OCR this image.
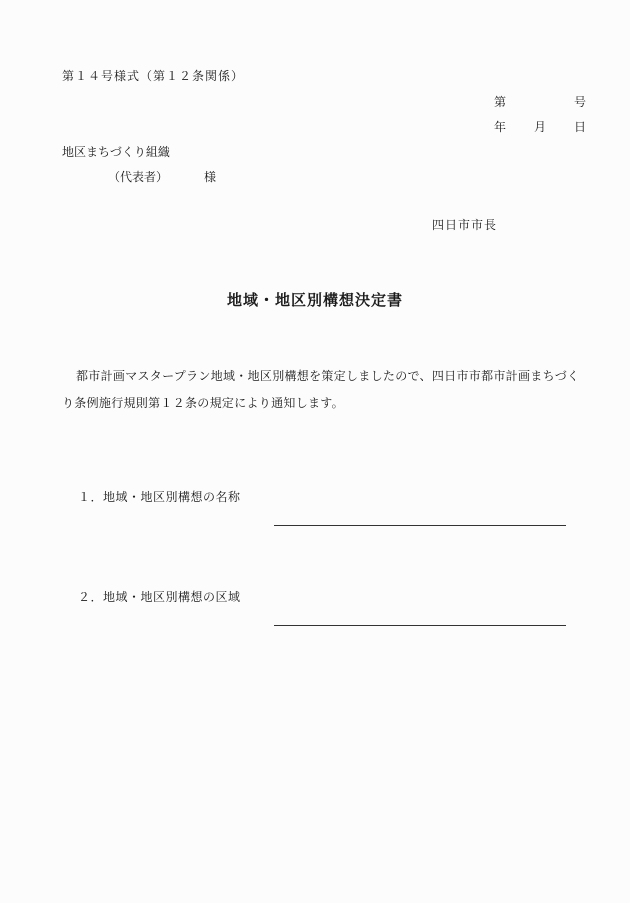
第１４号様式（第１２条関係）
第	号
年 月 日
地区まちづくり組織
（代表者）	様
四日市市長
地域・地区別構想決定書
都市計画マスタープラン地域・地区別構想を策定しましたので、四日市市都市計画まちづくり条例施行規則第１２条の規定により通知します。
１．地域・地区別構想の名称
２．地域・地区別構想の区域
